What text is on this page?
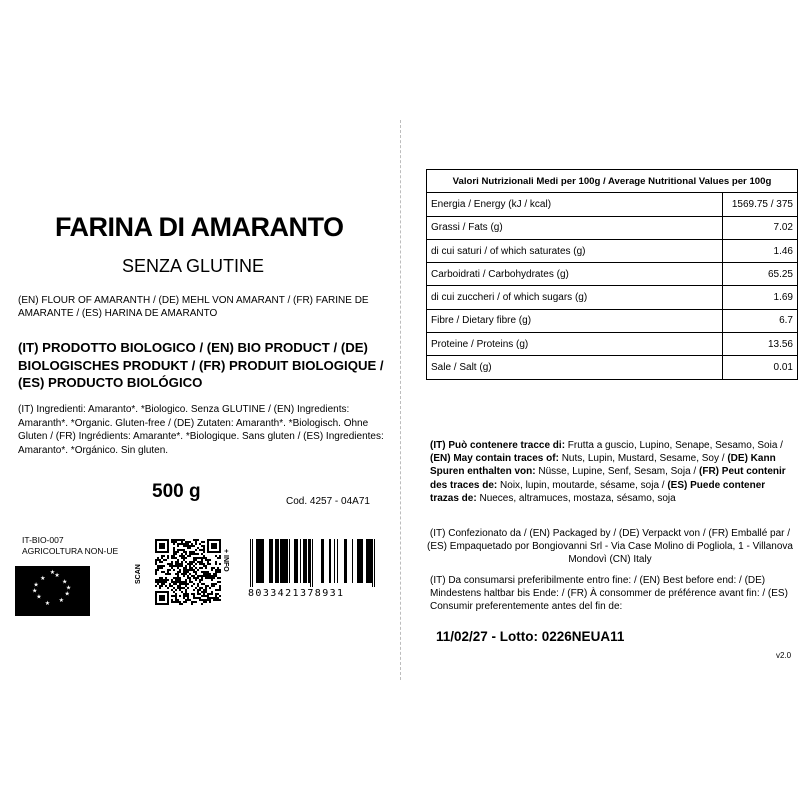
FARINA DI AMARANTO
SENZA GLUTINE
(EN) FLOUR OF AMARANTH / (DE) MEHL VON AMARANT / (FR) FARINE DE AMARANTE / (ES) HARINA DE AMARANTO
(IT) PRODOTTO BIOLOGICO / (EN) BIO PRODUCT / (DE) BIOLOGISCHES PRODUKT / (FR) PRODUIT BIOLOGIQUE / (ES) PRODUCTO BIOLÓGICO
(IT) Ingredienti: Amaranto*. *Biologico. Senza GLUTINE / (EN) Ingredients: Amaranth*. *Organic. Gluten-free / (DE) Zutaten: Amaranth*. *Biologisch. Ohne Gluten / (FR) Ingrédients: Amarante*. *Biologique. Sans gluten / (ES) Ingredientes: Amaranto*. *Orgánico. Sin gluten.
500 g	Cod. 4257 - 04A71
IT-BIO-007
AGRICOLTURA NON-UE
★
★
★
★
★
★
★
★
★
★
★
SCAN
+ INFO
8033421378931
Valori Nutrizionali Medi per 100g / Average Nutritional Values per 100g	
Energia / Energy (kJ / kcal)	1569.75 / 375
Grassi / Fats (g)	7.02
di cui saturi / of which saturates (g)	1.46
Carboidrati / Carbohydrates (g)	65.25
di cui zuccheri / of which sugars (g)	1.69
Fibre / Dietary fibre (g)	6.7
Proteine / Proteins (g)	13.56
Sale / Salt (g)	0.01
(IT) Può contenere tracce di: Frutta a guscio, Lupino, Senape, Sesamo, Soia / (EN) May contain traces of: Nuts, Lupin, Mustard, Sesame, Soy / (DE) Kann Spuren enthalten von: Nüsse, Lupine, Senf, Sesam, Soja / (FR) Peut contenir des traces de: Noix, lupin, moutarde, sésame, soja / (ES) Puede contener trazas de: Nueces, altramuces, mostaza, sésamo, soja
(IT) Confezionato da / (EN) Packaged by / (DE) Verpackt von / (FR) Emballé par / (ES) Empaquetado por Bongiovanni Srl - Via Case Molino di Pogliola, 1 - Villanova Mondovì (CN) Italy
(IT) Da consumarsi preferibilmente entro fine: / (EN) Best before end: / (DE) Mindestens haltbar bis Ende: / (FR) À consommer de préférence avant fin: / (ES) Consumir preferentemente antes del fin de:
11/02/27 - Lotto: 0226NEUA11
v2.0
